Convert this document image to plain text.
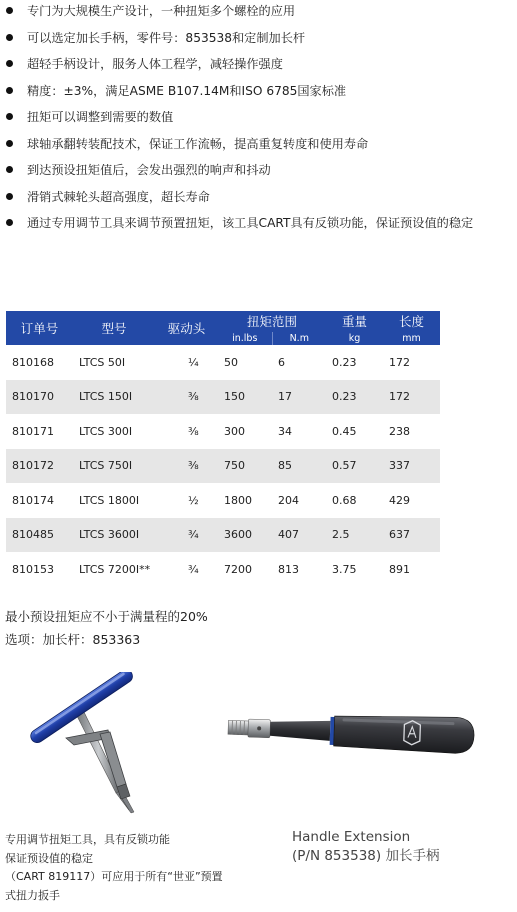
专门为大规模生产设计，一种扭矩多个螺栓的应用
可以选定加长手柄，零件号：853538和定制加长杆
超轻手柄设计，服务人体工程学，减轻操作强度
精度：±3%，满足ASME B107.14M和ISO 6785国家标准
扭矩可以调整到需要的数值
球轴承翻转装配技术，保证工作流畅，提高重复转度和使用寿命
到达预设扭矩值后，会发出强烈的响声和抖动
滑销式棘轮头超高强度，超长寿命
通过专用调节工具来调节预置扭矩，该工具CART具有反锁功能，保证预设值的稳定
订单号	型号	驱动头	扭矩范围		重量	长度
			in.lbs	N.m	kg	mm
810168	LTCS 50I	¼	50	6	0.23	172
810170	LTCS 150I	⅜	150	17	0.23	172
810171	LTCS 300I	⅜	300	34	0.45	238
810172	LTCS 750I	⅜	750	85	0.57	337
810174	LTCS 1800I	½	1800	204	0.68	429
810485	LTCS 3600I	¾	3600	407	2.5	637
810153	LTCS 7200I**	¾	7200	813	3.75	891
最小预设扭矩应不小于满量程的20%
选项：加长杆：853363
专用调节扭矩工具，具有反锁功能
保证预设值的稳定
（CART 819117）可应用于所有“世亚”预置
式扭力扳手
Handle Extension
(P/N 853538) 加长手柄
